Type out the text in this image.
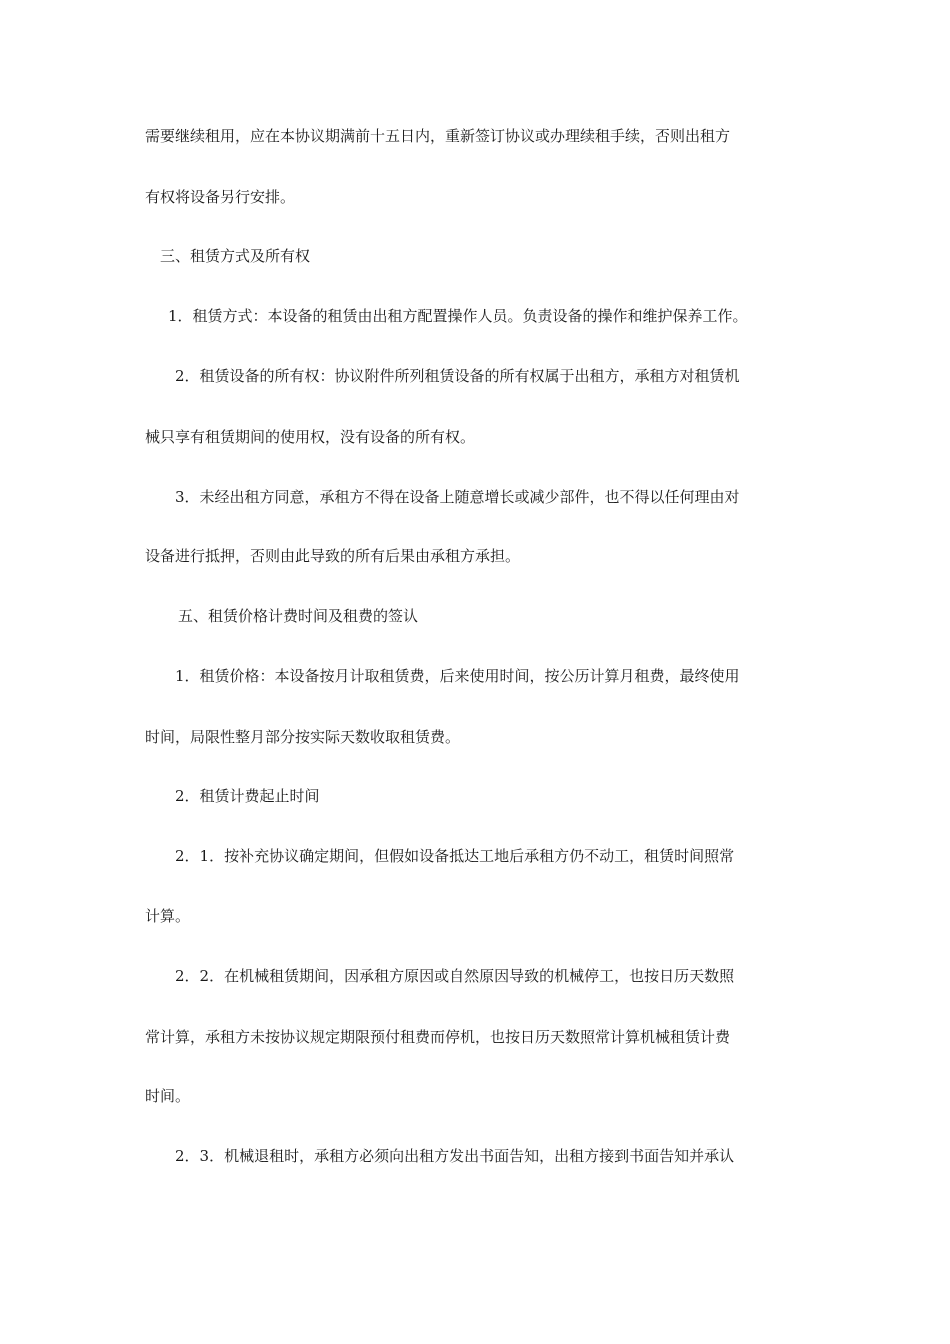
需要继续租用，应在本协议期满前十五日内，重新签订协议或办理续租手续，否则出租方
有权将设备另行安排。
三、租赁方式及所有权
1．租赁方式：本设备的租赁由出租方配置操作人员。负责设备的操作和维护保养工作。
2．租赁设备的所有权：协议附件所列租赁设备的所有权属于出租方，承租方对租赁机
械只享有租赁期间的使用权，没有设备的所有权。
3．未经出租方同意，承租方不得在设备上随意增长或减少部件，也不得以任何理由对
设备进行抵押，否则由此导致的所有后果由承租方承担。
五、租赁价格计费时间及租费的签认
1．租赁价格：本设备按月计取租赁费，后来使用时间，按公历计算月租费，最终使用
时间，局限性整月部分按实际天数收取租赁费。
2．租赁计费起止时间
2．1．按补充协议确定期间，但假如设备抵达工地后承租方仍不动工，租赁时间照常
计算。
2．2．在机械租赁期间，因承租方原因或自然原因导致的机械停工，也按日历天数照
常计算，承租方未按协议规定期限预付租费而停机，也按日历天数照常计算机械租赁计费
时间。
2．3．机械退租时，承租方必须向出租方发出书面告知，出租方接到书面告知并承认
